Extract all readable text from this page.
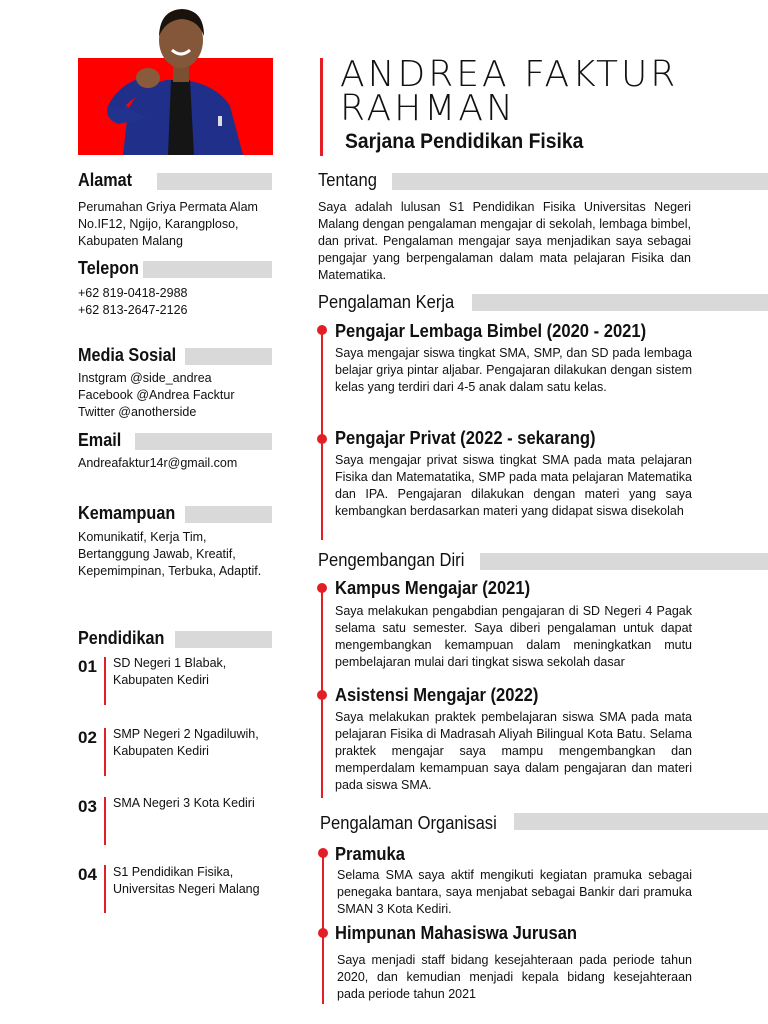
ANDREA FAKTUR
RAHMAN
Sarjana Pendidikan Fisika
Alamat
Perumahan Griya Permata Alam
No.IF12, Ngijo, Karangploso,
Kabupaten Malang
Telepon
+62 819-0418-2988
+62 813-2647-2126
Media Sosial
Instgram @side_andrea
Facebook @Andrea Facktur
Twitter @anotherside
Email
Andreafaktur14r@gmail.com
Kemampuan
Komunikatif, Kerja Tim,
Bertanggung Jawab, Kreatif,
Kepemimpinan, Terbuka, Adaptif.
Pendidikan
01 SD Negeri 1 Blabak,
Kabupaten Kediri
02 SMP Negeri 2 Ngadiluwih,
Kabupaten Kediri
03 SMA Negeri 3 Kota Kediri
04 S1 Pendidikan Fisika,
Universitas Negeri Malang
Tentang
Saya adalah lulusan S1 Pendidikan Fisika Universitas Negeri Malang dengan pengalaman mengajar di sekolah, lembaga bimbel, dan privat. Pengalaman mengajar saya menjadikan saya sebagai pengajar yang berpengalaman dalam mata pelajaran Fisika dan Matematika.
Pengalaman Kerja
Pengajar Lembaga Bimbel (2020 - 2021)
Saya mengajar siswa tingkat SMA, SMP, dan SD pada lembaga belajar griya pintar aljabar. Pengajaran dilakukan dengan sistem kelas yang terdiri dari 4-5 anak dalam satu kelas.
Pengajar Privat (2022 - sekarang)
Saya mengajar privat siswa tingkat SMA pada mata pelajaran Fisika dan Matematatika, SMP pada mata pelajaran Matematika dan IPA. Pengajaran dilakukan dengan materi yang saya kembangkan berdasarkan materi yang didapat siswa disekolah
Pengembangan Diri
Kampus Mengajar (2021)
Saya melakukan pengabdian pengajaran di SD Negeri 4 Pagak selama satu semester. Saya diberi pengalaman untuk dapat mengembangkan kemampuan dalam meningkatkan mutu pembelajaran mulai dari tingkat siswa sekolah dasar
Asistensi Mengajar (2022)
Saya melakukan praktek pembelajaran siswa SMA pada mata pelajaran Fisika di Madrasah Aliyah Bilingual Kota Batu. Selama praktek mengajar saya mampu mengembangkan dan memperdalam kemampuan saya dalam pengajaran dan materi pada siswa SMA.
Pengalaman Organisasi
Pramuka
Selama SMA saya aktif mengikuti kegiatan pramuka sebagai penegaka bantara, saya menjabat sebagai Bankir dari pramuka SMAN 3 Kota Kediri.
Himpunan Mahasiswa Jurusan
Saya menjadi staff bidang kesejahteraan pada periode tahun 2020, dan kemudian menjadi kepala bidang kesejahteraan pada periode tahun 2021
